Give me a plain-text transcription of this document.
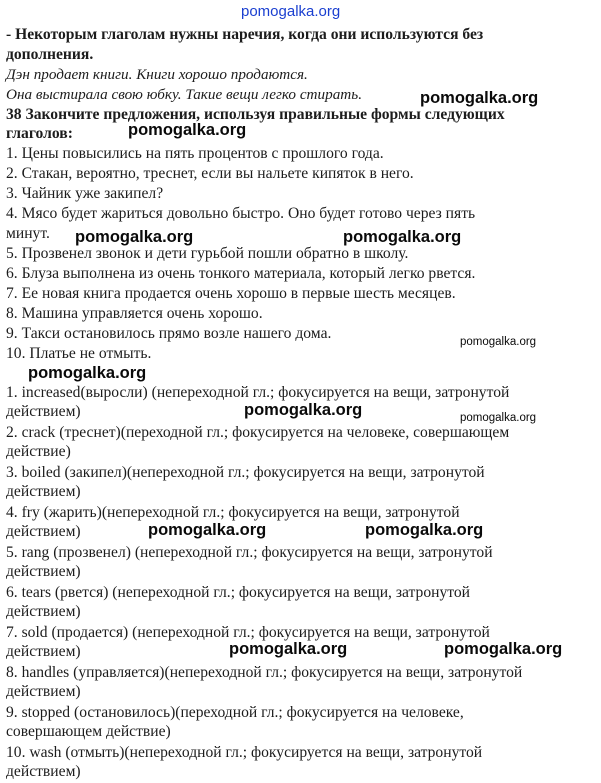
pomogalka.org
- Некоторым глаголам нужны наречия, когда они используются без
дополнения.
Дэн продает книги. Книги хорошо продаются.
Она выстирала свою юбку. Такие вещи легко стирать.
38 Закончите предложения, используя правильные формы следующих
глаголов:
1. Цены повысились на пять процентов с прошлого года.
2. Стакан, вероятно, треснет, если вы нальете кипяток в него.
3. Чайник уже закипел?
4. Мясо будет жариться довольно быстро. Оно будет готово через пять
минут.
5. Прозвенел звонок и дети гурьбой пошли обратно в школу.
6. Блуза выполнена из очень тонкого материала, который легко рвется.
7. Ее новая книга продается очень хорошо в первые шесть месяцев.
8. Машина управляется очень хорошо.
9. Такси остановилось прямо возле нашего дома.
10. Платье не отмыть.
1. increased(выросли) (непереходной гл.; фокусируется на вещи, затронутой
действием)
2. crack (треснет)(переходной гл.; фокусируется на человеке, совершающем
действие)
3. boiled (закипел)(непереходной гл.; фокусируется на вещи, затронутой
действием)
4. fry (жарить)(непереходной гл.; фокусируется на вещи, затронутой
действием)
5. rang (прозвенел) (непереходной гл.; фокусируется на вещи, затронутой
действием)
6. tears (рвется) (непереходной гл.; фокусируется на вещи, затронутой
действием)
7. sold (продается) (непереходной гл.; фокусируется на вещи, затронутой
действием)
8. handles (управляется)(непереходной гл.; фокусируется на вещи, затронутой
действием)
9. stopped (остановилось)(переходной гл.; фокусируется на человеке,
совершающем действие)
10. wash (отмыть)(непереходной гл.; фокусируется на вещи, затронутой
действием)
pomogalka.org
pomogalka.org
pomogalka.org	pomogalka.org
pomogalka.org
pomogalka.org
pomogalka.org	pomogalka.org
pomogalka.org	pomogalka.org
pomogalka.org	pomogalka.org
